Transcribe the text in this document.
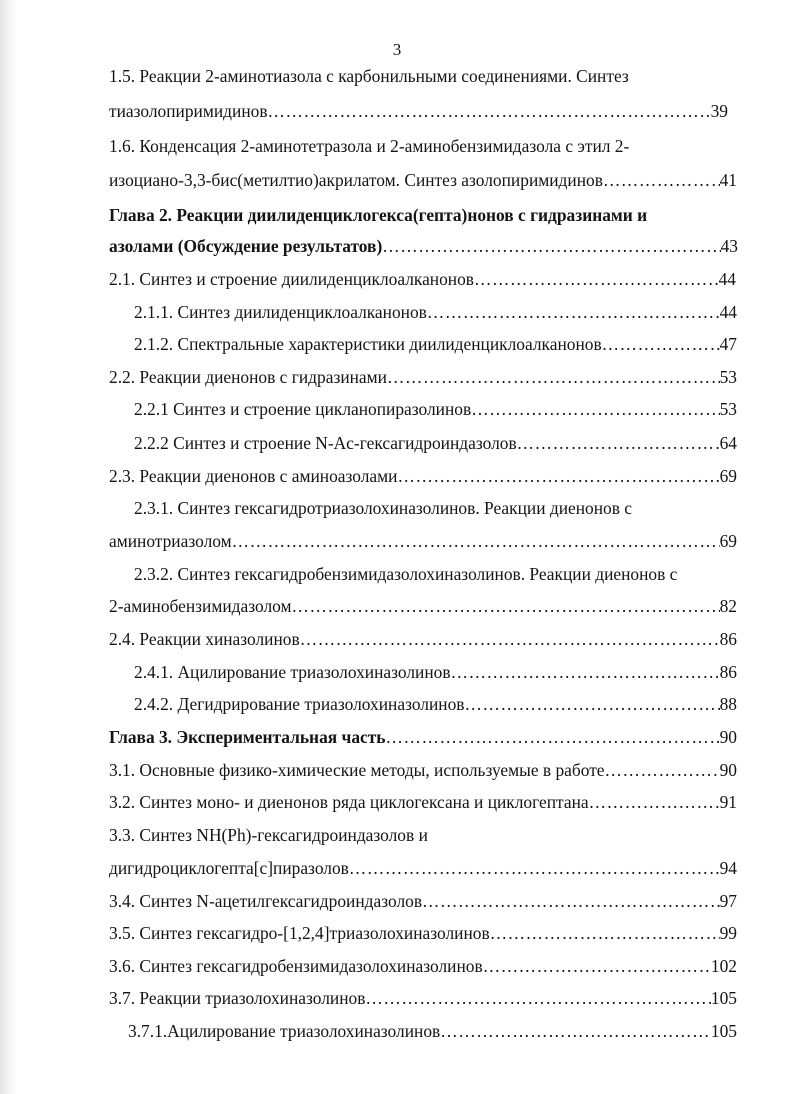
3
1.5. Реакции 2-аминотиазола с карбонильными соединениями. Синтез
тиазолопиримидинов ……………………………………………………………………………………………………………………………………………………………………	39
1.6. Конденсация 2-аминотетразола и 2-аминобензимидазола с этил 2-
изоциано-3,3-бис(метилтио)акрилатом. Синтез азолопиримидинов ……………………………………………………………………………………………………………………………………………………………………	41
Глава 2. Реакции диилиденциклогекса(гепта)нонов с гидразинами и
азолами (Обсуждение результатов) ……………………………………………………………………………………………………………………………………………………………………	43
2.1. Синтез и строение диилиденциклоалканонов ……………………………………………………………………………………………………………………………………………………………………	44
2.1.1. Синтез диилиденциклоалканонов ……………………………………………………………………………………………………………………………………………………………………	44
2.1.2. Спектральные характеристики диилиденциклоалканонов ……………………………………………………………………………………………………………………………………………………………………	47
2.2. Реакции диенонов с гидразинами ……………………………………………………………………………………………………………………………………………………………………	53
2.2.1 Синтез и строение цикланопиразолинов ……………………………………………………………………………………………………………………………………………………………………	53
2.2.2 Синтез и строение N-Ac-гексагидроиндазолов ……………………………………………………………………………………………………………………………………………………………………	64
2.3. Реакции диенонов с аминоазолами ……………………………………………………………………………………………………………………………………………………………………	69
2.3.1. Синтез гексагидротриазолохиназолинов. Реакции диенонов с
аминотриазолом ……………………………………………………………………………………………………………………………………………………………………	69
2.3.2. Синтез гексагидробензимидазолохиназолинов. Реакции диенонов с
2-аминобензимидазолом ……………………………………………………………………………………………………………………………………………………………………	82
2.4. Реакции хиназолинов ……………………………………………………………………………………………………………………………………………………………………	86
2.4.1. Ацилирование триазолохиназолинов ……………………………………………………………………………………………………………………………………………………………………	86
2.4.2. Дегидрирование триазолохиназолинов ……………………………………………………………………………………………………………………………………………………………………	88
Глава 3. Экспериментальная часть ……………………………………………………………………………………………………………………………………………………………………	90
3.1. Основные физико-химические методы, используемые в работе ……………………………………………………………………………………………………………………………………………………………………	90
3.2. Синтез моно- и диенонов ряда циклогексана и циклогептана ……………………………………………………………………………………………………………………………………………………………………	91
3.3. Синтез NH(Ph)-гексагидроиндазолов и
дигидроциклогепта[с]пиразолов ……………………………………………………………………………………………………………………………………………………………………	94
3.4. Синтез N-ацетилгексагидроиндазолов ……………………………………………………………………………………………………………………………………………………………………	97
3.5. Синтез гексагидро-[1,2,4]триазолохиназолинов ……………………………………………………………………………………………………………………………………………………………………	99
3.6. Синтез гексагидробензимидазолохиназолинов ……………………………………………………………………………………………………………………………………………………………………	102
3.7. Реакции триазолохиназолинов ……………………………………………………………………………………………………………………………………………………………………	105
3.7.1.Ацилирование триазолохиназолинов ……………………………………………………………………………………………………………………………………………………………………	105
